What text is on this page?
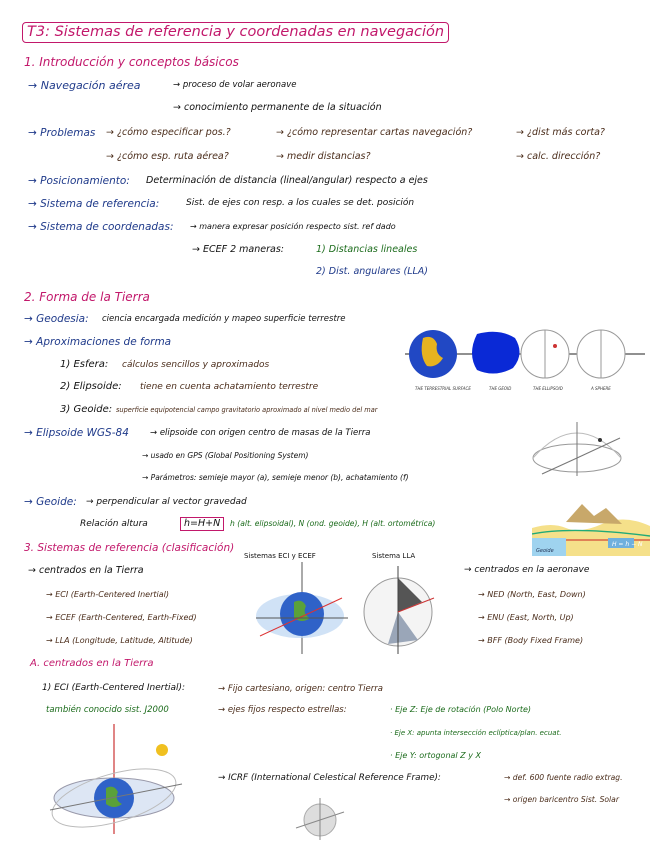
T3: Sistemas de referencia y coordenadas en navegación
1. Introducción y conceptos básicos
→ Navegación aérea	→ proceso de volar aeronave
→ conocimiento permanente de la situación
→ Problemas → ¿cómo especificar pos.?	→ ¿cómo representar cartas navegación?	→ ¿dist más corta?
→ ¿cómo esp. ruta aérea?	→ medir distancias?	→ calc. dirección?
→ Posicionamiento: Determinación de distancia (lineal/angular) respecto a ejes
→ Sistema de referencia:	Sist. de ejes con resp. a los cuales se det. posición
→ Sistema de coordenadas: → manera expresar posición respecto sist. ref dado
→ ECEF 2 maneras:	1) Distancias lineales
2) Dist. angulares (LLA)
2. Forma de la Tierra
→ Geodesia: ciencia encargada medición y mapeo superficie terrestre
→ Aproximaciones de forma
1) Esfera: cálculos sencillos y aproximados
2) Elipsoide: tiene en cuenta achatamiento terrestre
3) Geoide: superficie equipotencial campo gravitatorio aproximado al nivel medio del mar
→ Elipsoide WGS-84 → elipsoide con origen centro de masas de la Tierra
→ usado en GPS (Global Positioning System)
→ Parámetros: semieje mayor (a), semieje menor (b), achatamiento (f)
→ Geoide: → perpendicular al vector gravedad
Relación altura	h=H+N	h (alt. elipsoidal), N (ond. geoide), H (alt. ortométrica)
3. Sistemas de referencia (clasificación)
→ centrados en la Tierra
→ ECI (Earth-Centered Inertial)
→ ECEF (Earth-Centered, Earth-Fixed)
→ LLA (Longitude, Latitude, Altitude)
→ centrados en la aeronave
→ NED (North, East, Down)
→ ENU (East, North, Up)
→ BFF (Body Fixed Frame)
A. centrados en la Tierra
1) ECI (Earth-Centered Inertial):	→ Fijo cartesiano, origen: centro Tierra
también conocido sist. J2000	→ ejes fijos respecto estrellas:	· Eje Z: Eje de rotación (Polo Norte)
· Eje X: apunta intersección eclíptica/plan. ecuat.
· Eje Y: ortogonal Z y X
→ ICRF (International Celestical Reference Frame):	→ def. 600 fuente radio extrag.
→ origen baricentro Sist. Solar
THE TERRESTRIAL SURFACE	THE GEOID	THE ELLIPSOID	A SPHERE
H = h − N
Geoide
Sistemas ECI y ECEF	Sistema LLA
